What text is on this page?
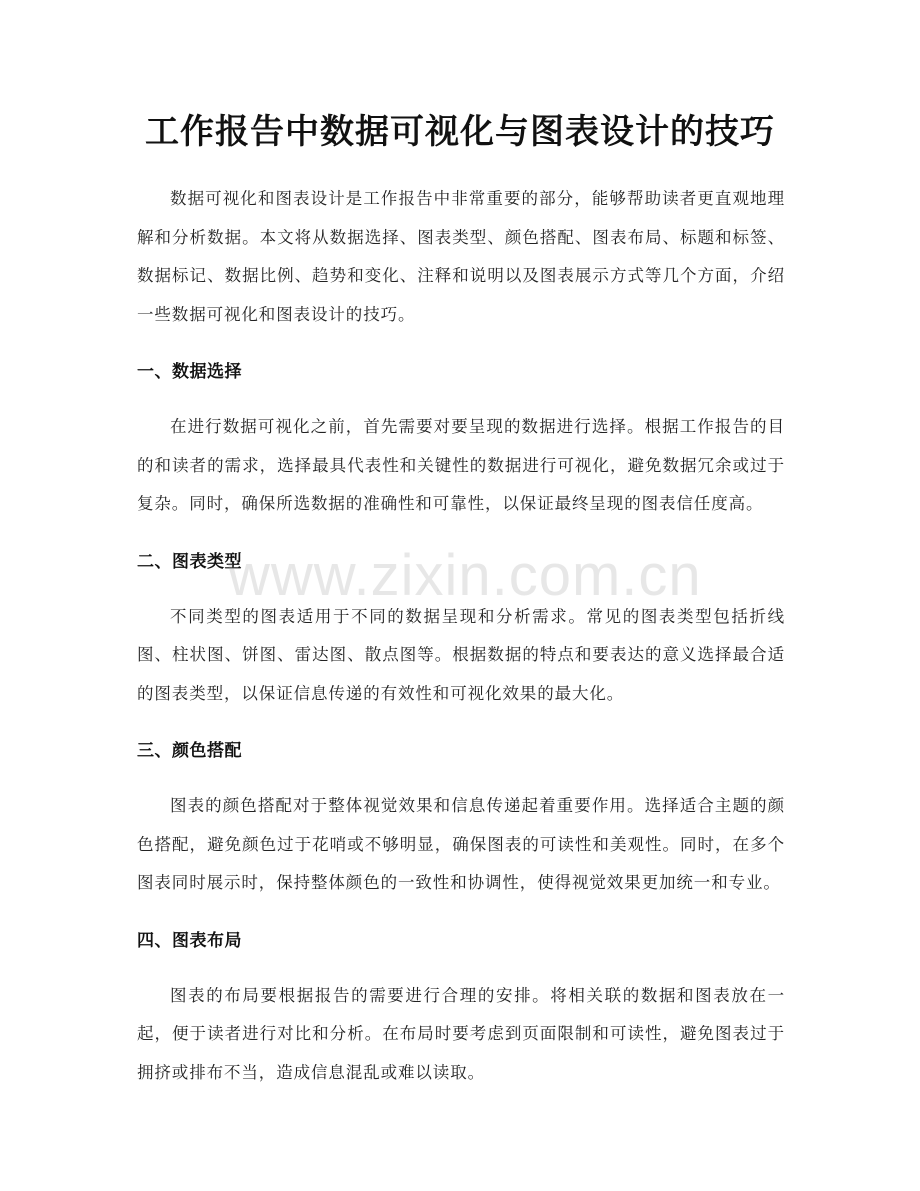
工作报告中数据可视化与图表设计的技巧

数据可视化和图表设计是工作报告中非常重要的部分，能够帮助读者更直观地理解和分析数据。本文将从数据选择、图表类型、颜色搭配、图表布局、标题和标签、数据标记、数据比例、趋势和变化、注释和说明以及图表展示方式等几个方面，介绍一些数据可视化和图表设计的技巧。

一、数据选择

在进行数据可视化之前，首先需要对要呈现的数据进行选择。根据工作报告的目的和读者的需求，选择最具代表性和关键性的数据进行可视化，避免数据冗余或过于复杂。同时，确保所选数据的准确性和可靠性，以保证最终呈现的图表信任度高。

二、图表类型

不同类型的图表适用于不同的数据呈现和分析需求。常见的图表类型包括折线图、柱状图、饼图、雷达图、散点图等。根据数据的特点和要表达的意义选择最合适的图表类型，以保证信息传递的有效性和可视化效果的最大化。

三、颜色搭配

图表的颜色搭配对于整体视觉效果和信息传递起着重要作用。选择适合主题的颜色搭配，避免颜色过于花哨或不够明显，确保图表的可读性和美观性。同时，在多个图表同时展示时，保持整体颜色的一致性和协调性，使得视觉效果更加统一和专业。

四、图表布局

图表的布局要根据报告的需要进行合理的安排。将相关联的数据和图表放在一起，便于读者进行对比和分析。在布局时要考虑到页面限制和可读性，避免图表过于拥挤或排布不当，造成信息混乱或难以读取。

www.zixin.com.cn
